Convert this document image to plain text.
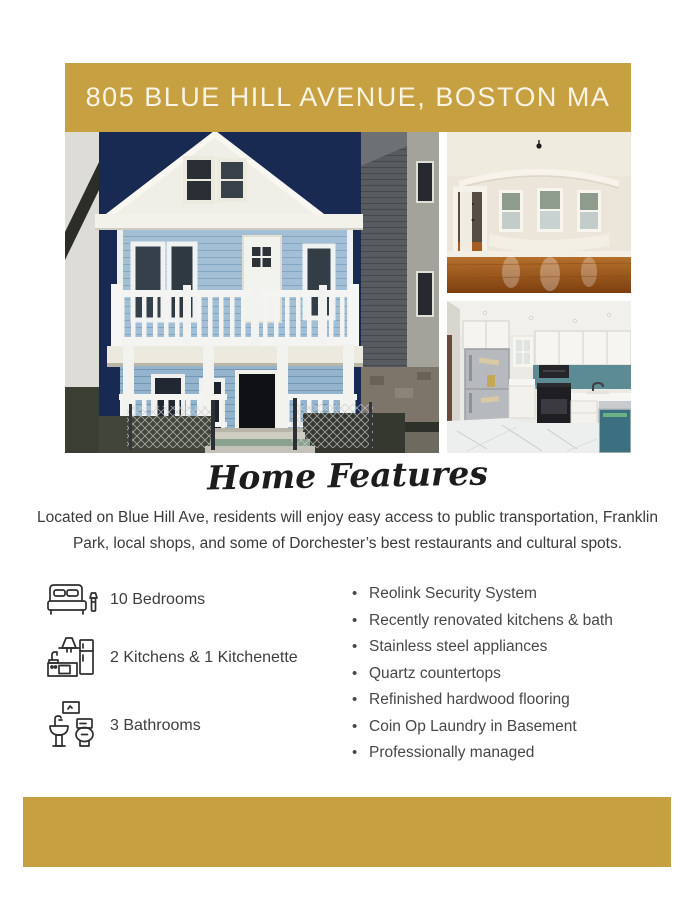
805 BLUE HILL AVENUE, BOSTON MA
Home Features
Located on Blue Hill Ave, residents will enjoy easy access to public transportation, Franklin Park, local shops, and some of Dorchester’s best restaurants and cultural spots.
10 Bedrooms
2 Kitchens & 1 Kitchenette
3 Bathrooms
• Reolink Security System
• Recently renovated kitchens & bath
• Stainless steel appliances
• Quartz countertops
• Refinished hardwood flooring
• Coin Op Laundry in Basement
• Professionally managed
